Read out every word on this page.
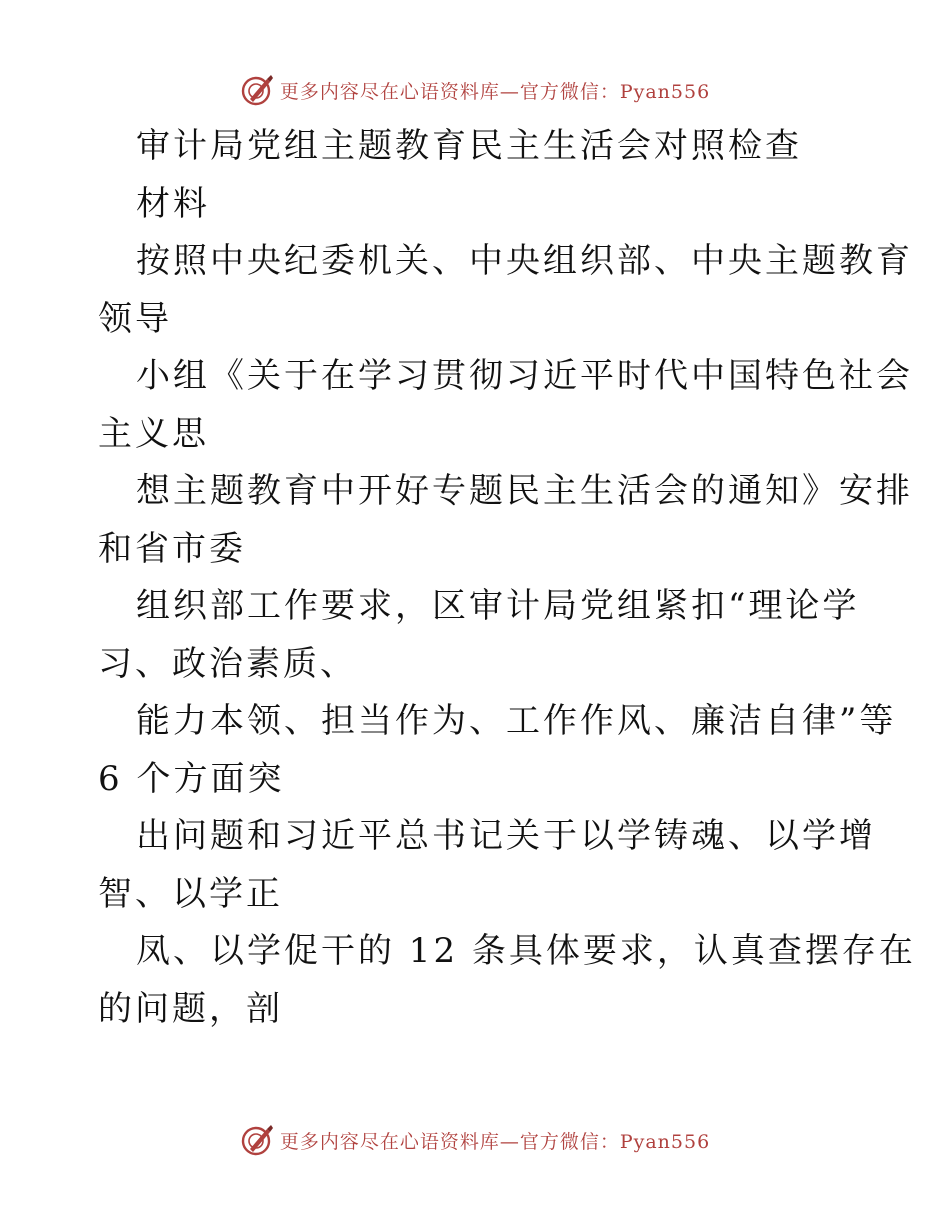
更多内容尽在心语资料库—官方微信：Pyan556
审计局党组主题教育民主生活会对照检查
材料
按照中央纪委机关、中央组织部、中央主题教育
领导
小组《关于在学习贯彻习近平时代中国特色社会
主义思
想主题教育中开好专题民主生活会的通知》安排
和省市委
组织部工作要求，区审计局党组紧扣“理论学
习、政治素质、
能力本领、担当作为、工作作风、廉洁自律”等
6 个方面突
出问题和习近平总书记关于以学铸魂、以学增
智、以学正
凤、以学促干的 12 条具体要求，认真查摆存在
的问题，剖
更多内容尽在心语资料库—官方微信：Pyan556
